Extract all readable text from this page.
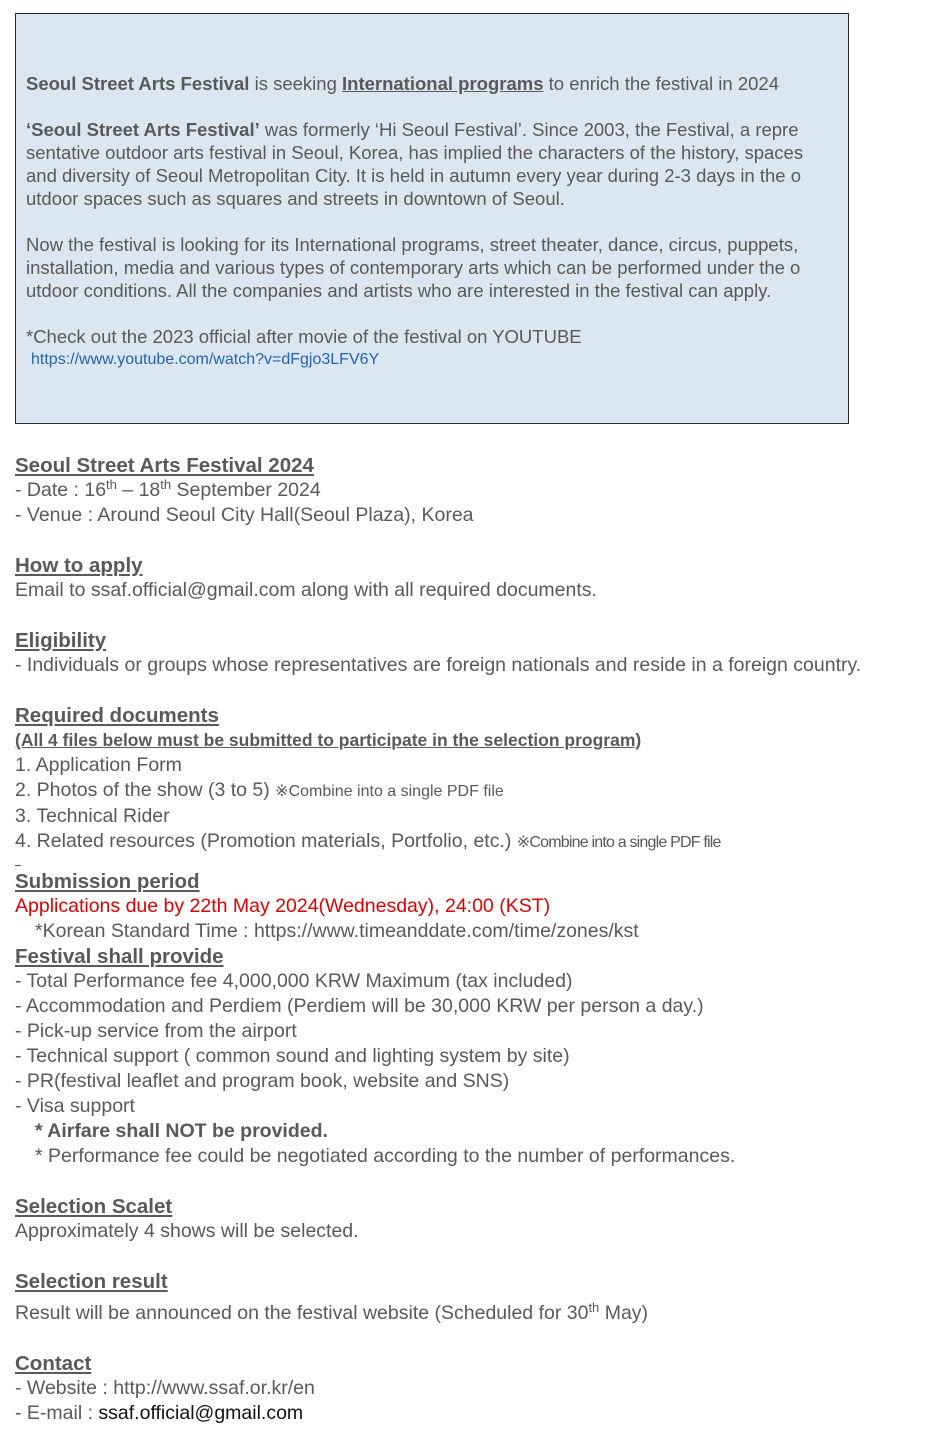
Seoul Street Arts Festival is seeking International programs to enrich the festival in 2024

‘Seoul Street Arts Festival’ was formerly ‘Hi Seoul Festival’. Since 2003, the Festival, a repre
sentative outdoor arts festival in Seoul, Korea, has implied the characters of the history, spaces
and diversity of Seoul Metropolitan City. It is held in autumn every year during 2-3 days in the o
utdoor spaces such as squares and streets in downtown of Seoul.

Now the festival is looking for its International programs, street theater, dance, circus, puppets,
installation, media and various types of contemporary arts which can be performed under the o
utdoor conditions. All the companies and artists who are interested in the festival can apply.

*Check out the 2023 official after movie of the festival on YOUTUBE

https://www.youtube.com/watch?v=dFgjo3LFV6Y

Seoul Street Arts Festival 2024
- Date : 16th – 18th September 2024
- Venue : Around Seoul City Hall(Seoul Plaza), Korea
How to apply
Email to ssaf.official@gmail.com along with all required documents.
Eligibility
- Individuals or groups whose representatives are foreign nationals and reside in a foreign country.
Required documents
(All 4 files below must be submitted to participate in the selection program)
1. Application Form
2. Photos of the show (3 to 5) ※Combine into a single PDF file
3. Technical Rider
4. Related resources (Promotion materials, Portfolio, etc.) ※Combine into a single PDF file
_
Submission period
Applications due by 22th May 2024(Wednesday), 24:00 (KST)
*Korean Standard Time : https://www.timeanddate.com/time/zones/kst
Festival shall provide
- Total Performance fee 4,000,000 KRW Maximum (tax included)
- Accommodation and Perdiem (Perdiem will be 30,000 KRW per person a day.)
- Pick-up service from the airport
- Technical support ( common sound and lighting system by site)
- PR(festival leaflet and program book, website and SNS)
- Visa support
* Airfare shall NOT be provided.
* Performance fee could be negotiated according to the number of performances.
Selection Scalet
Approximately 4 shows will be selected.
Selection result
Result will be announced on the festival website (Scheduled for 30th May)
Contact
- Website : http://www.ssaf.or.kr/en
- E-mail : ssaf.official@gmail.com
